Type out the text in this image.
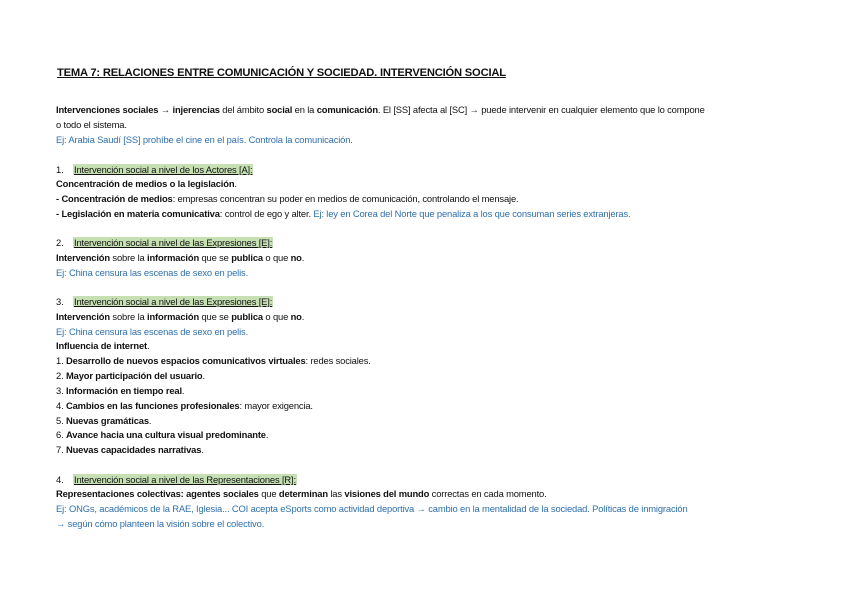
TEMA 7: RELACIONES ENTRE COMUNICACIÓN Y SOCIEDAD. INTERVENCIÓN SOCIAL
Intervenciones sociales → injerencias del ámbito social en la comunicación. El [SS] afecta al [SC] → puede intervenir en cualquier elemento que lo compone
o todo el sistema.
Ej: Arabia Saudí [SS] prohíbe el cine en el país. Controla la comunicación.
1. Intervención social a nivel de los Actores [A]:
Concentración de medios o la legislación.
- Concentración de medios: empresas concentran su poder en medios de comunicación, controlando el mensaje.
- Legislación en materia comunicativa: control de ego y alter. Ej: ley en Corea del Norte que penaliza a los que consuman series extranjeras.
2. Intervención social a nivel de las Expresiones [E]:
Intervención sobre la información que se publica o que no.
Ej: China censura las escenas de sexo en pelis.
3. Intervención social a nivel de las Expresiones [E]:
Intervención sobre la información que se publica o que no.
Ej: China censura las escenas de sexo en pelis.
Influencia de internet.
1. Desarrollo de nuevos espacios comunicativos virtuales: redes sociales.
2. Mayor participación del usuario.
3. Información en tiempo real.
4. Cambios en las funciones profesionales: mayor exigencia.
5. Nuevas gramáticas.
6. Avance hacia una cultura visual predominante.
7. Nuevas capacidades narrativas.
4. Intervención social a nivel de las Representaciones [R]:
Representaciones colectivas: agentes sociales que determinan las visiones del mundo correctas en cada momento.
Ej: ONGs, académicos de la RAE, Iglesia... COI acepta eSports como actividad deportiva → cambio en la mentalidad de la sociedad. Políticas de inmigración
→ según cómo planteen la visión sobre el colectivo.
